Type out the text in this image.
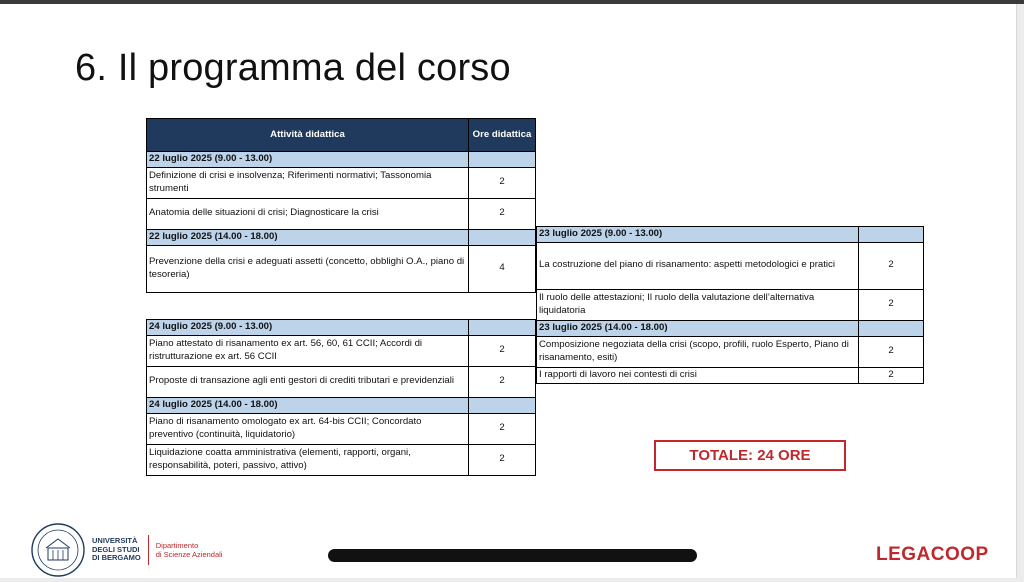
6. Il programma del corso
Attività didattica	Ore didattica
22 luglio 2025 (9.00 - 13.00)	
Definizione di crisi e insolvenza; Riferimenti normativi; Tassonomia strumenti	2
Anatomia delle situazioni di crisi; Diagnosticare la crisi	2
22 luglio 2025 (14.00 - 18.00)	
Prevenzione della crisi e adeguati assetti (concetto, obblighi O.A., piano di tesoreria)	4
23 luglio 2025 (9.00 - 13.00)	
La costruzione del piano di risanamento: aspetti metodologici e pratici	2
Il ruolo delle attestazioni; Il ruolo della valutazione dell’alternativa liquidatoria	2
23 luglio 2025 (14.00 - 18.00)	
Composizione negoziata della crisi (scopo, profili, ruolo Esperto, Piano di risanamento, esiti)	2
I rapporti di lavoro nei contesti di crisi	2
24 luglio 2025 (9.00 - 13.00)	
Piano attestato di risanamento ex art. 56, 60, 61 CCII; Accordi di ristrutturazione ex art. 56 CCII	2
Proposte di transazione agli enti gestori di crediti tributari e previdenziali	2
24 luglio 2025 (14.00 - 18.00)	
Piano di risanamento omologato ex art. 64-bis CCII; Concordato preventivo (continuità, liquidatorio)	2
Liquidazione coatta amministrativa (elementi, rapporti, organi, responsabilità, poteri, passivo, attivo)	2	TOTALE: 24 ORE
UNIVERSITÀ
DEGLI STUDI
DI BERGAMO
Dipartimento
di Scienze Aziendali	LEGACOOP
